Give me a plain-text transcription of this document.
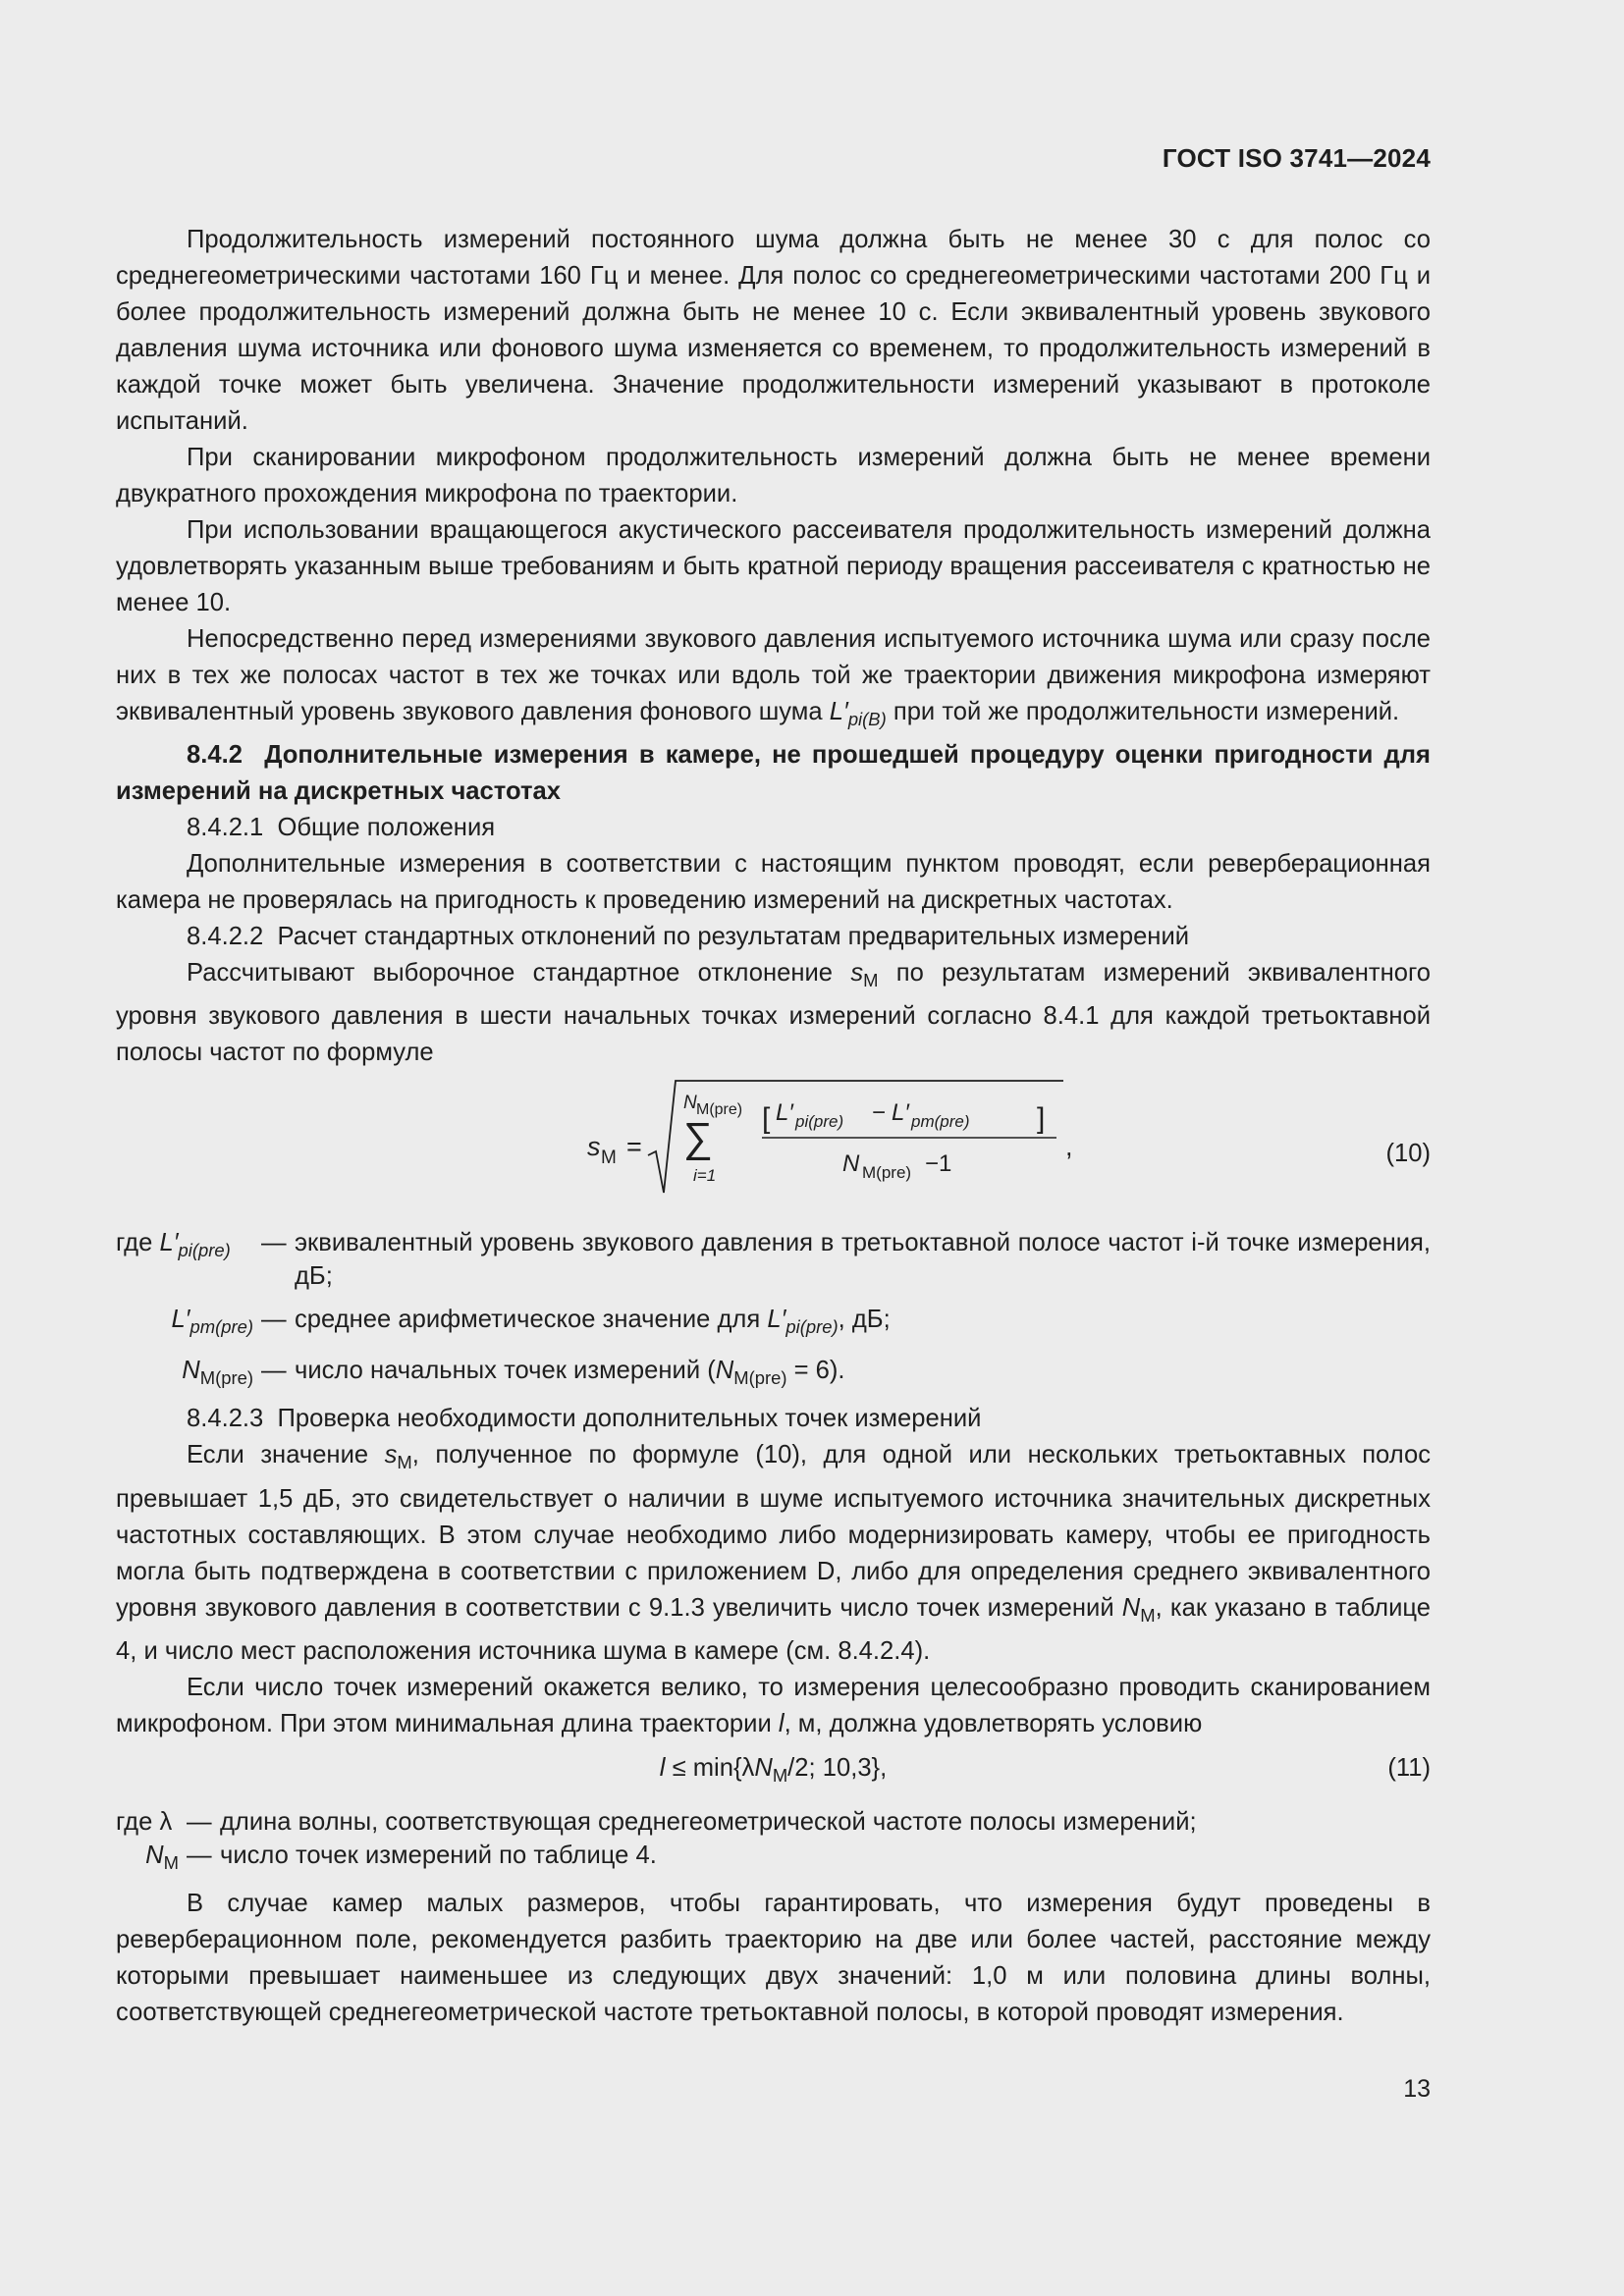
ГОСТ ISO 3741—2024

Продолжительность измерений постоянного шума должна быть не менее 30 с для полос со среднегеометрическими частотами 160 Гц и менее. Для полос со среднегеометрическими частотами 200 Гц и более продолжительность измерений должна быть не менее 10 с. Если эквивалентный уровень звукового давления шума источника или фонового шума изменяется со временем, то продолжительность измерений в каждой точке может быть увеличена. Значение продолжительности измерений указывают в протоколе испытаний.

При сканировании микрофоном продолжительность измерений должна быть не менее времени двукратного прохождения микрофона по траектории.

При использовании вращающегося акустического рассеивателя продолжительность измерений должна удовлетворять указанным выше требованиям и быть кратной периоду вращения рассеивателя с кратностью не менее 10.

Непосредственно перед измерениями звукового давления испытуемого источника шума или сразу после них в тех же полосах частот в тех же точках или вдоль той же траектории движения микрофона измеряют эквивалентный уровень звукового давления фонового шума $L'_{pi(B)}$ при той же продолжительности измерений.

8.4.2 Дополнительные измерения в камере, не прошедшей процедуру оценки пригодности для измерений на дискретных частотах

8.4.2.1  Общие положения

Дополнительные измерения в соответствии с настоящим пунктом проводят, если реверберационная камера не проверялась на пригодность к проведению измерений на дискретных частотах.

8.4.2.2  Расчет стандартных отклонений по результатам предварительных измерений

Рассчитывают выборочное стандартное отклонение $s_M$ по результатам измерений эквивалентного уровня звукового давления в шести начальных точках измерений согласно 8.4.1 для каждой третьоктавной полосы частот по формуле

s M =
N M(pre)
∑
i=1
[ L′ pi(pre) − L′ pm(pre) ]
N M(pre) −1
,	(10)
где $L'_{pi(pre)}$	—	эквивалентный уровень звукового давления в третьоктавной полосе частот i-й точке измерения, дБ;
$L'_{pm(pre)}$	—	среднее арифметическое значение для $L'_{pi(pre)}$, дБ;
$N_{M(pre)}$	—	число начальных точек измерений $(N_{M(pre)} = 6)$.

8.4.2.3  Проверка необходимости дополнительных точек измерений

Если значение $s_M$, полученное по формуле (10), для одной или нескольких третьоктавных полос превышает 1,5 дБ, это свидетельствует о наличии в шуме испытуемого источника значительных дискретных частотных составляющих. В этом случае необходимо либо модернизировать камеру, чтобы ее пригодность могла быть подтверждена в соответствии с приложением D, либо для определения среднего эквивалентного уровня звукового давления в соответствии с 9.1.3 увеличить число точек измерений $N_M$, как указано в таблице 4, и число мест расположения источника шума в камере (см. 8.4.2.4).

Если число точек измерений окажется велико, то измерения целесообразно проводить сканированием микрофоном. При этом минимальная длина траектории l, м, должна удовлетворять условию

$l \le \min\{\lambda N_M/2$; 10,3},	(11)
где λ	—	длина волны, соответствующая среднегеометрической частоте полосы измерений;
$N_M$	—	число точек измерений по таблице 4.

В случае камер малых размеров, чтобы гарантировать, что измерения будут проведены в реверберационном поле, рекомендуется разбить траекторию на две или более частей, расстояние между которыми превышает наименьшее из следующих двух значений: 1,0 м или половина длины волны, соответствующей среднегеометрической частоте третьоктавной полосы, в которой проводят измерения.

13
